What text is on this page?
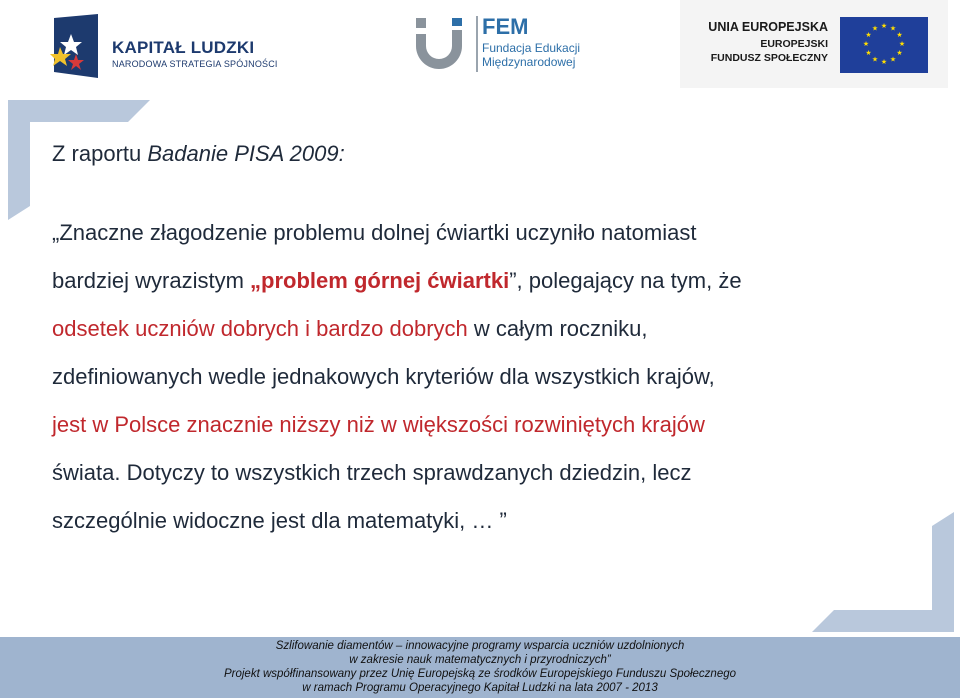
KAPITAŁ LUDZKI
NARODOWA STRATEGIA SPÓJNOŚCI
FEM
Fundacja Edukacji
Międzynarodowej
UNIA EUROPEJSKA
EUROPEJSKI
FUNDUSZ SPOŁECZNY
★ ★
★
★
★
★
★
★
★
★
★
★
Z raportu Badanie PISA 2009:
„Znaczne złagodzenie problemu dolnej ćwiartki uczyniło natomiast
bardziej wyrazistym „problem górnej ćwiartki”, polegający na tym, że
odsetek uczniów dobrych i bardzo dobrych w całym roczniku,
zdefiniowanych wedle jednakowych kryteriów dla wszystkich krajów,
jest w Polsce znacznie niższy niż w większości rozwiniętych krajów
świata. Dotyczy to wszystkich trzech sprawdzanych dziedzin, lecz
szczególnie widoczne jest dla matematyki, … ”
Szlifowanie diamentów – innowacyjne programy wsparcia uczniów uzdolnionych
w zakresie nauk matematycznych i przyrodniczych”
Projekt współfinansowany przez Unię Europejską ze środków Europejskiego Funduszu Społecznego
w ramach Programu Operacyjnego Kapitał Ludzki na lata 2007 - 2013
